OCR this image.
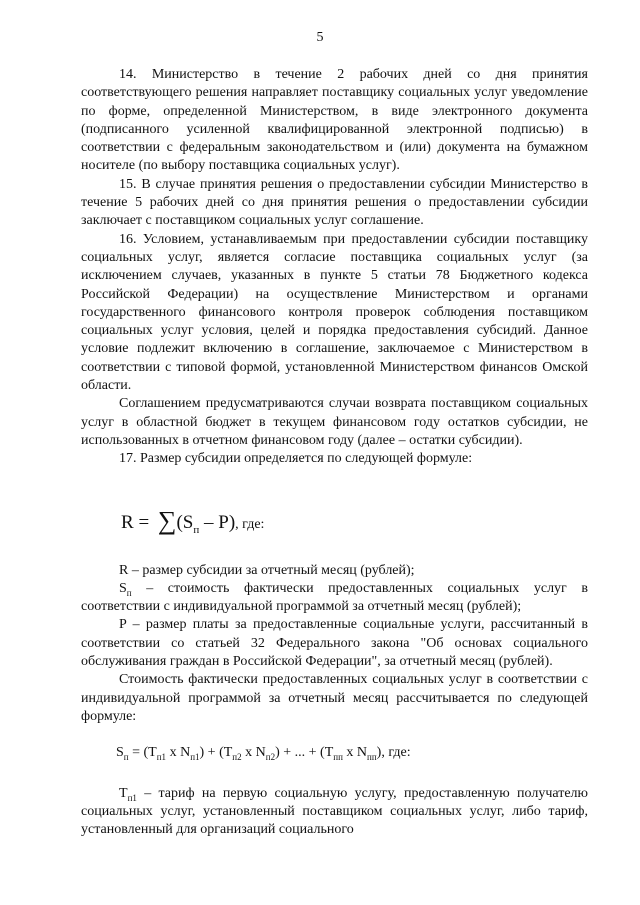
5

14. Министерство в течение 2 рабочих дней со дня принятия соответствующего решения направляет поставщику социальных услуг уведомление по форме, определенной Министерством, в виде электронного документа (подписанного усиленной квалифицированной электронной подписью) в соответствии с федеральным законодательством и (или) документа на бумажном носителе (по выбору поставщика социальных услуг).

15. В случае принятия решения о предоставлении субсидии Министерство в течение 5 рабочих дней со дня принятия решения о предоставлении субсидии заключает с поставщиком социальных услуг соглашение.

16. Условием, устанавливаемым при предоставлении субсидии поставщику социальных услуг, является согласие поставщика социальных услуг (за исключением случаев, указанных в пункте 5 статьи 78 Бюджетного кодекса Российской Федерации) на осуществление Министерством и органами государственного финансового контроля проверок соблюдения поставщиком социальных услуг условия, целей и порядка предоставления субсидий. Данное условие подлежит включению в соглашение, заключаемое с Министерством в соответствии с типовой формой, установленной Министерством финансов Омской области.

Соглашением предусматриваются случаи возврата поставщиком социальных услуг в областной бюджет в текущем финансовом году остатков субсидии, не использованных в отчетном финансовом году (далее – остатки субсидии).

17. Размер субсидии определяется по следующей формуле:

$R = \sum(S_п - P)$, где:

R – размер субсидии за отчетный месяц (рублей);

$S_п$ – стоимость фактически предоставленных социальных услуг в соответствии с индивидуальной программой за отчетный месяц (рублей);

P – размер платы за предоставленные социальные услуги, рассчитанный в соответствии со статьей 32 Федерального закона "Об основах социального обслуживания граждан в Российской Федерации", за отчетный месяц (рублей).

Стоимость фактически предоставленных социальных услуг в соответствии с индивидуальной программой за отчетный месяц рассчитывается по следующей формуле:

$S_п = (T_{п1}$ x $N_{п1}) + (T_{п2}$ x $N_{п2}$) + ... + ($T_{пп}$ x $N_{пп}$), где:

$T_{п1}$ – тариф на первую социальную услугу, предоставленную получателю социальных услуг, установленный поставщиком социальных услуг, либо тариф, установленный для организаций социального
